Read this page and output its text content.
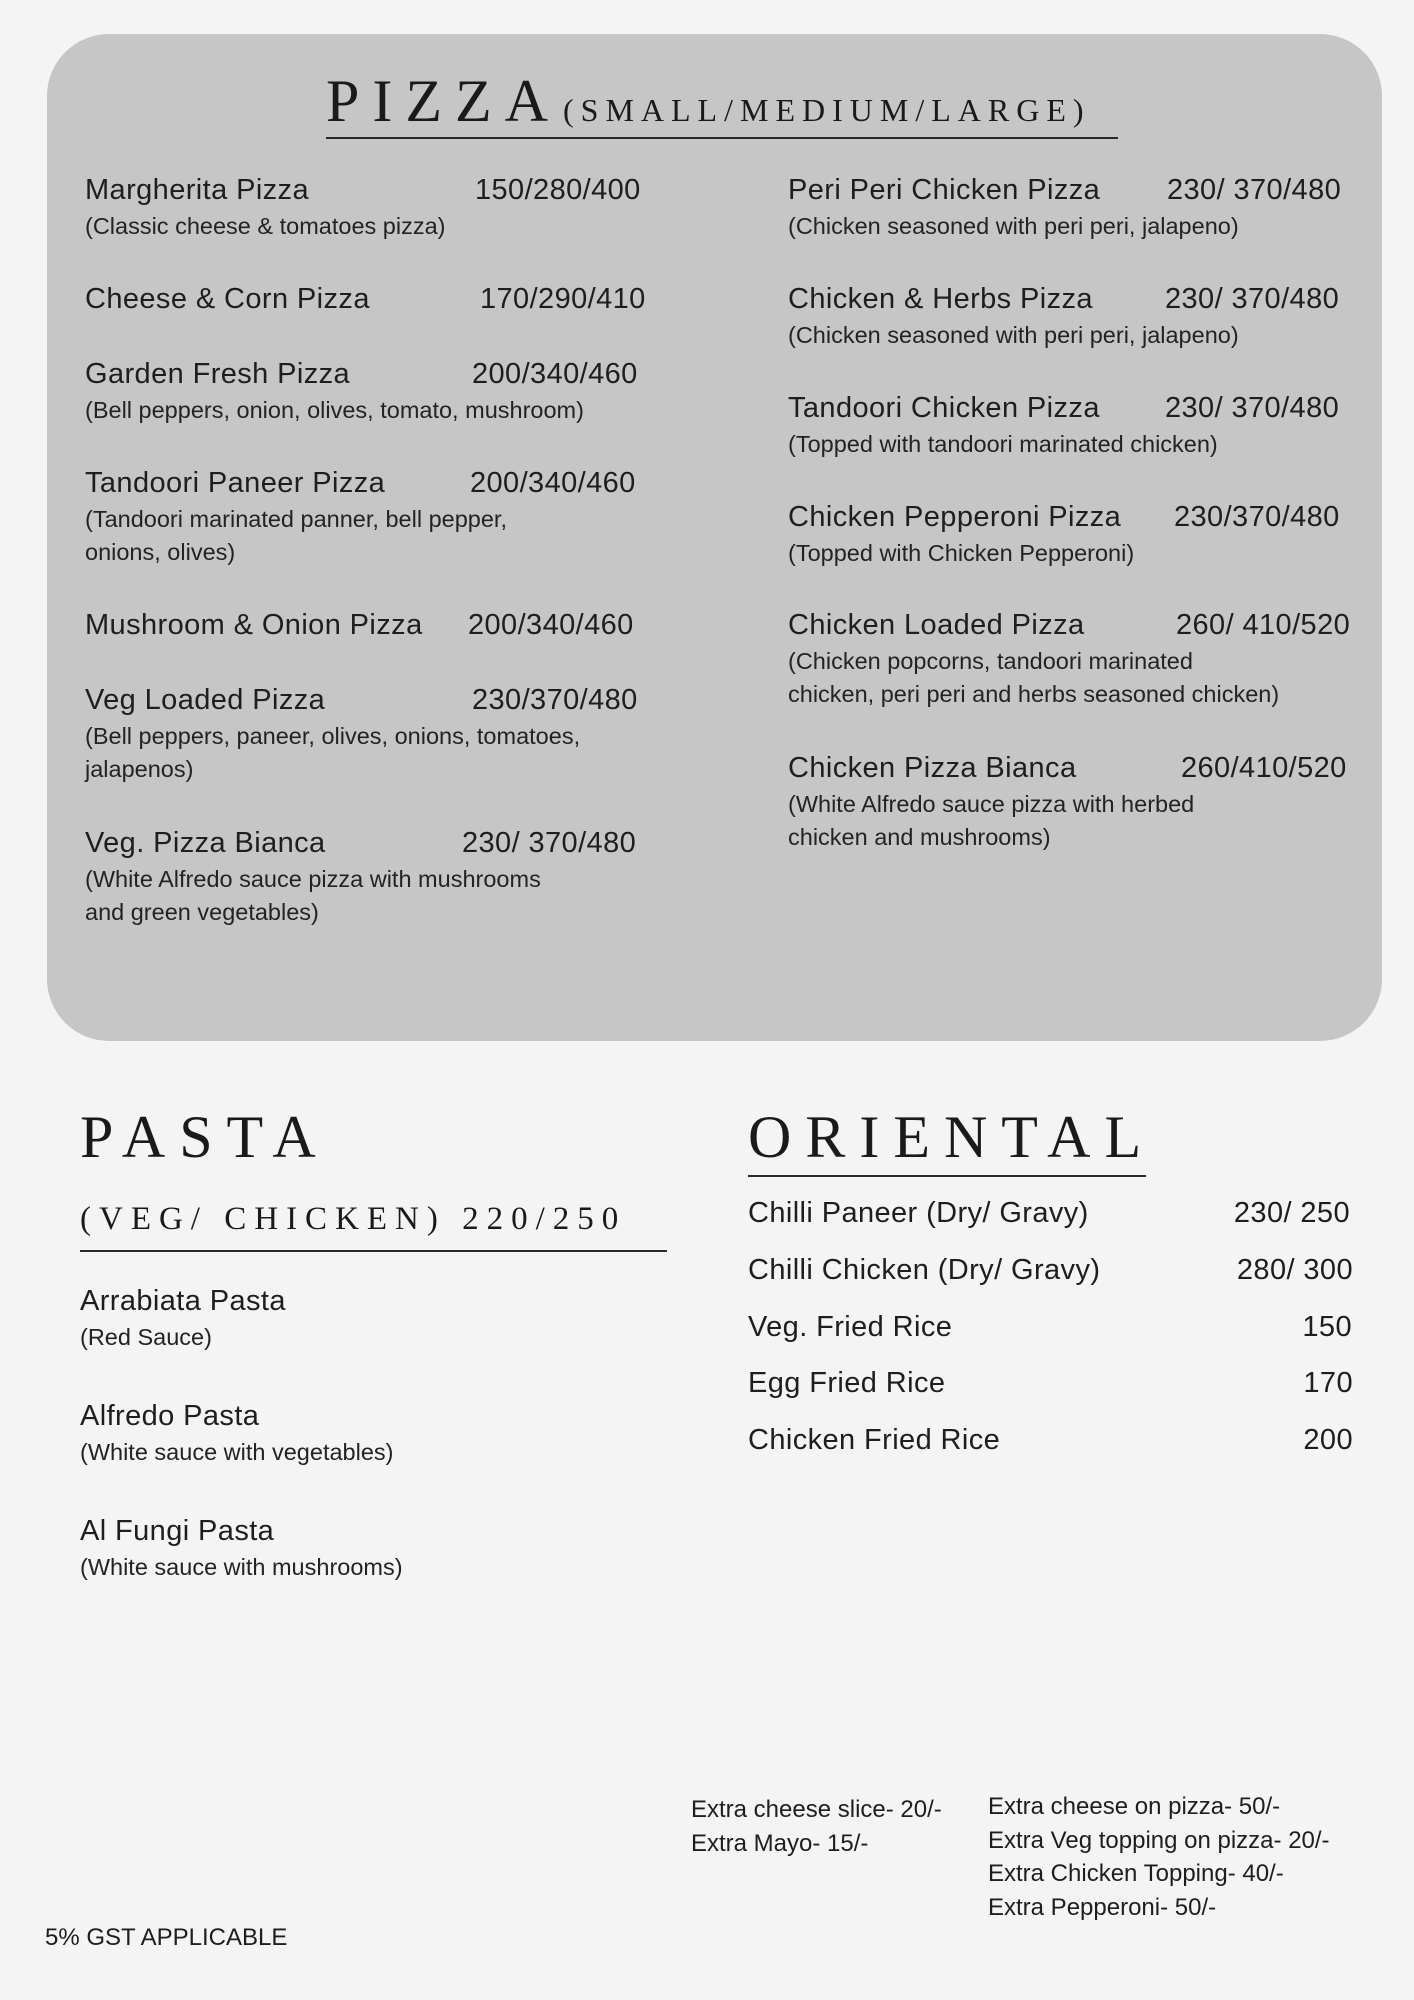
PIZZA(SMALL/MEDIUM/LARGE)
Margherita Pizza	150/280/400
(Classic cheese & tomatoes pizza)
Cheese & Corn Pizza	170/290/410
Garden Fresh Pizza	200/340/460
(Bell peppers, onion, olives, tomato, mushroom)
Tandoori Paneer Pizza	200/340/460
(Tandoori marinated panner, bell pepper,
onions, olives)
Mushroom & Onion Pizza 200/340/460
Veg Loaded Pizza	230/370/480
(Bell peppers, paneer, olives, onions, tomatoes,
jalapenos)
Veg. Pizza Bianca	230/ 370/480
(White Alfredo sauce pizza with mushrooms
and green vegetables)
Peri Peri Chicken Pizza 230/ 370/480
(Chicken seasoned with peri peri, jalapeno)
Chicken & Herbs Pizza 230/ 370/480
(Chicken seasoned with peri peri, jalapeno)
Tandoori Chicken Pizza 230/ 370/480
(Topped with tandoori marinated chicken)
Chicken Pepperoni Pizza 230/370/480
(Topped with Chicken Pepperoni)
Chicken Loaded Pizza	260/ 410/520
(Chicken popcorns, tandoori marinated
chicken, peri peri and herbs seasoned chicken)
Chicken Pizza Bianca	260/410/520
(White Alfredo sauce pizza with herbed
chicken and mushrooms)
PASTA
(VEG/ CHICKEN) 220/250
Arrabiata Pasta
(Red Sauce)
Alfredo Pasta
(White sauce with vegetables)
Al Fungi Pasta
(White sauce with mushrooms)
ORIENTAL
Chilli Paneer (Dry/ Gravy)	230/ 250
Chilli Chicken (Dry/ Gravy)	280/ 300
Veg. Fried Rice	150
Egg Fried Rice	170
Chicken Fried Rice	200
Extra cheese slice- 20/-
Extra Mayo- 15/-
Extra cheese on pizza- 50/-
Extra Veg topping on pizza- 20/-
Extra Chicken Topping- 40/-
Extra Pepperoni- 50/-
5% GST APPLICABLE
